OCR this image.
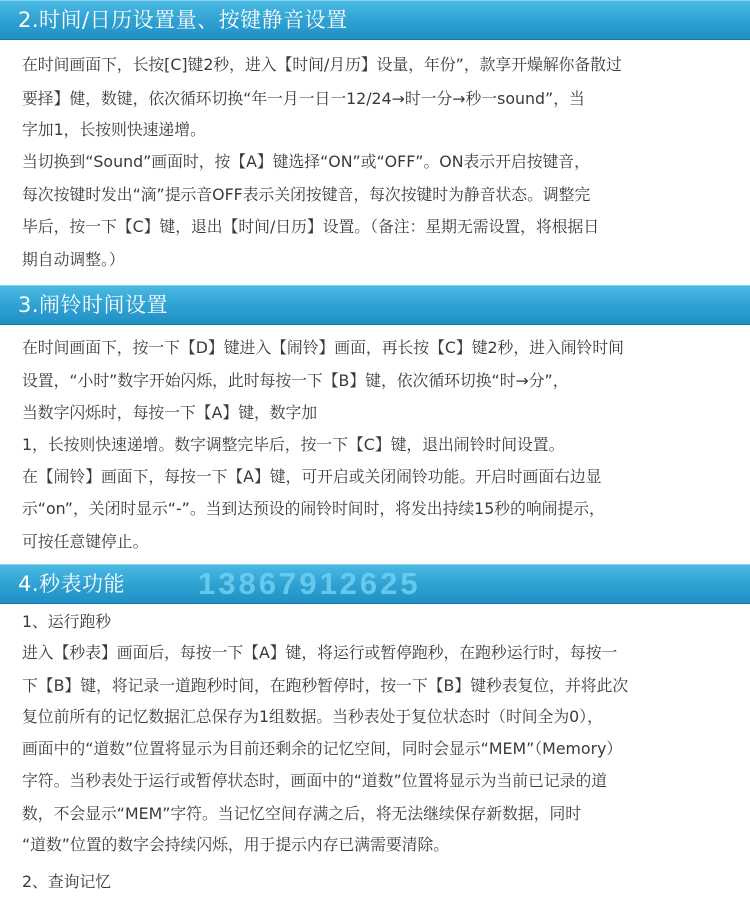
2.时间/日历设置量、按键静音设置
在时间画面下，长按[C]键2秒，进入【时间/月历】设量，年份”，款享开燥解你备散过
要择】健，数键，依次循环切换“年一月一日一12/24→时一分→秒一sound”，当
字加1，长按则快速递增。
当切换到“Sound”画面时，按【A】键选择“ON”或“OFF”。ON表示开启按键音，
每次按键时发出“滴”提示音OFF表示关闭按键音，每次按键时为静音状态。调整完
毕后，按一下【C】键，退出【时间/日历】设置。（备注：星期无需设置，将根据日
期自动调整。）
3.闹铃时间设置
在时间画面下，按一下【D】键进入【闹铃】画面，再长按【C】键2秒，进入闹铃时间
设置，“小时”数字开始闪烁，此时每按一下【B】键，依次循环切换“时→分”，
当数字闪烁时，每按一下【A】键，数字加
1，长按则快速递增。数字调整完毕后，按一下【C】键，退出闹铃时间设置。
在【闹铃】画面下，每按一下【A】键，可开启或关闭闹铃功能。开启时画面右边显
示“on”，关闭时显示“-”。当到达预设的闹铃时间时，将发出持续15秒的响闹提示，
可按任意键停止。
4.秒表功能 13867912625
1、运行跑秒
进入【秒表】画面后，每按一下【A】键，将运行或暂停跑秒，在跑秒运行时，每按一
下【B】键，将记录一道跑秒时间，在跑秒暂停时，按一下【B】键秒表复位，并将此次
复位前所有的记忆数据汇总保存为1组数据。当秒表处于复位状态时（时间全为0），
画面中的“道数”位置将显示为目前还剩余的记忆空间，同时会显示“MEM”（Memory）
字符。当秒表处于运行或暂停状态时，画面中的“道数”位置将显示为当前已记录的道
数，不会显示“MEM”字符。当记忆空间存满之后，将无法继续保存新数据，同时
“道数”位置的数字会持续闪烁，用于提示内存已满需要清除。
2、查询记忆
